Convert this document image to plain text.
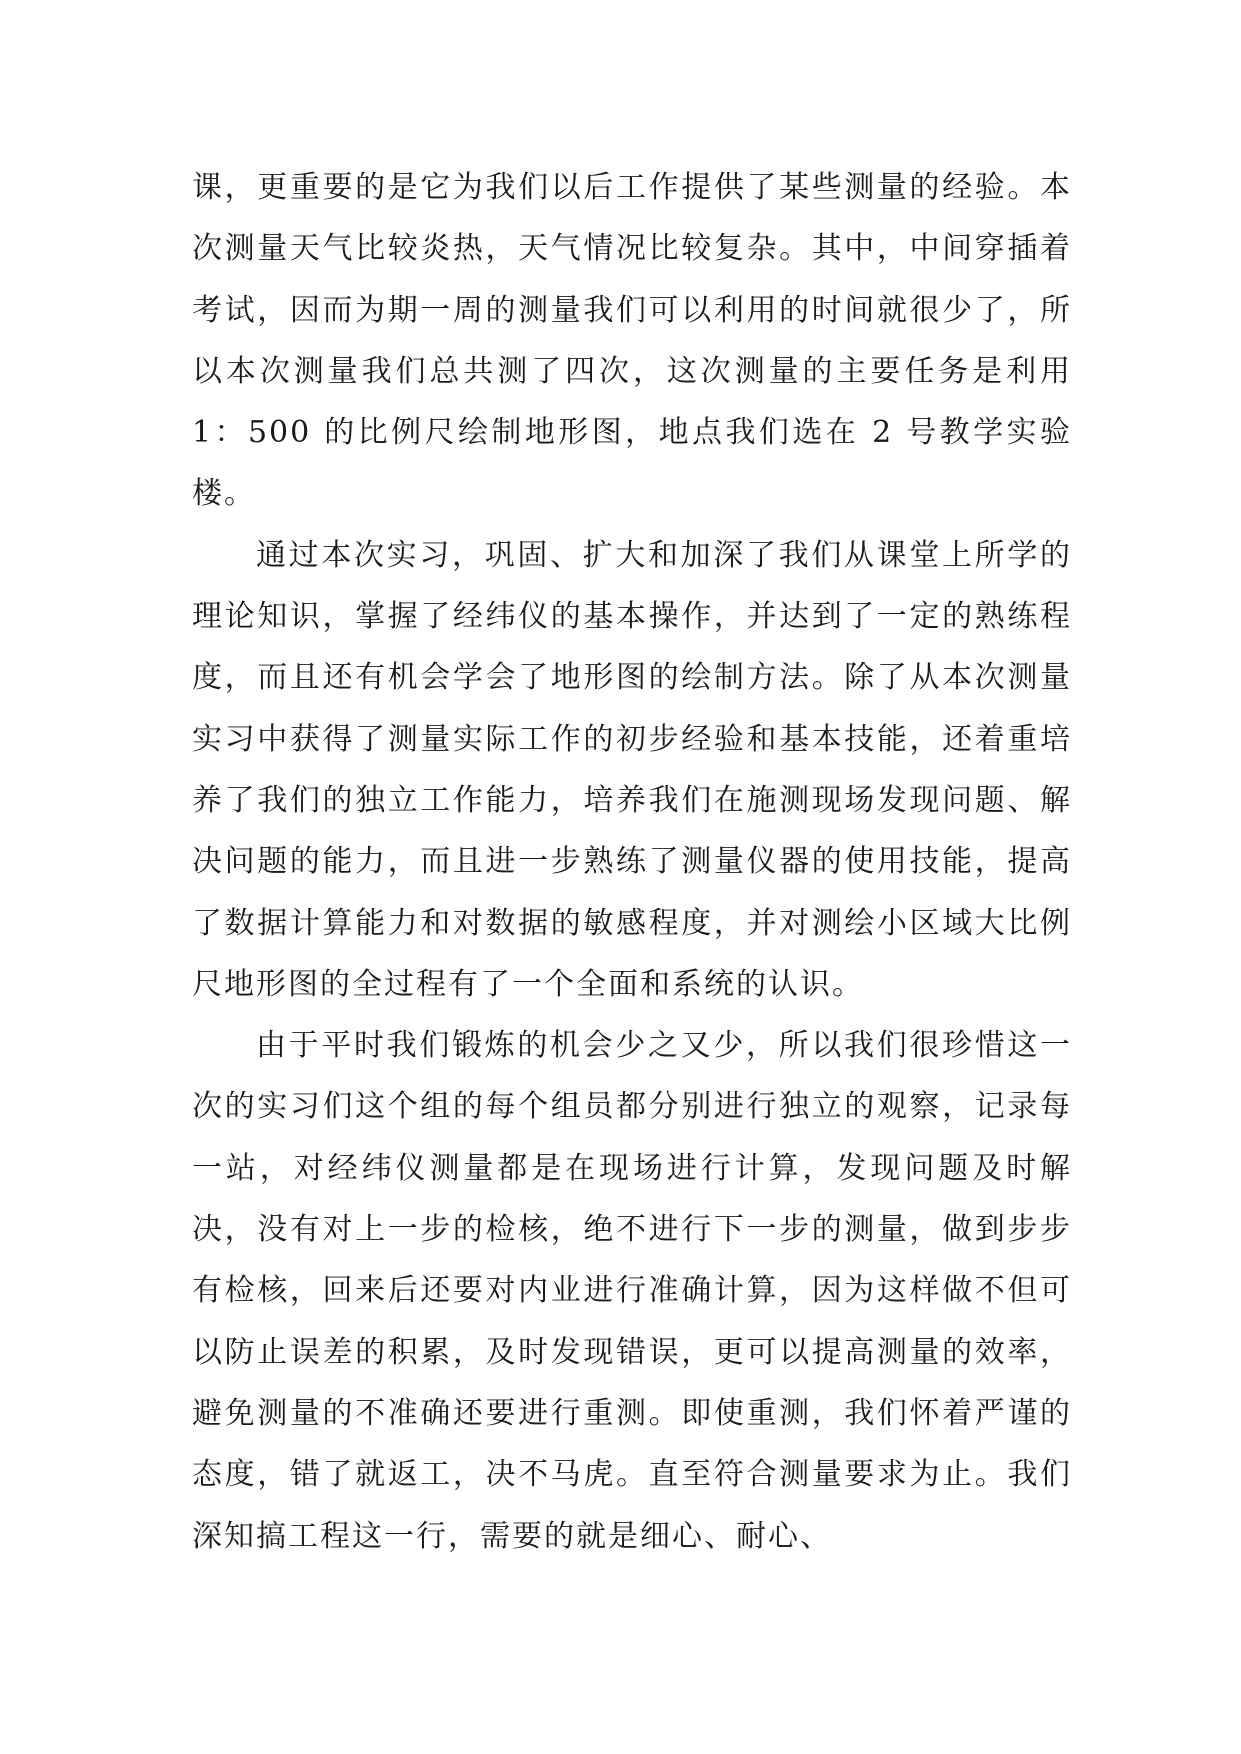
课，更重要的是它为我们以后工作提供了某些测量的经验。本次测量天气比较炎热，天气情况比较复杂。其中，中间穿插着考试，因而为期一周的测量我们可以利用的时间就很少了，所以本次测量我们总共测了四次，这次测量的主要任务是利用 1：500 的比例尺绘制地形图，地点我们选在 2 号教学实验楼。

通过本次实习，巩固、扩大和加深了我们从课堂上所学的理论知识，掌握了经纬仪的基本操作，并达到了一定的熟练程度，而且还有机会学会了地形图的绘制方法。除了从本次测量实习中获得了测量实际工作的初步经验和基本技能，还着重培养了我们的独立工作能力，培养我们在施测现场发现问题、解决问题的能力，而且进一步熟练了测量仪器的使用技能，提高了数据计算能力和对数据的敏感程度，并对测绘小区域大比例尺地形图的全过程有了一个全面和系统的认识。

由于平时我们锻炼的机会少之又少，所以我们很珍惜这一次的实习们这个组的每个组员都分别进行独立的观察，记录每一站，对经纬仪测量都是在现场进行计算，发现问题及时解决，没有对上一步的检核，绝不进行下一步的测量，做到步步有检核，回来后还要对内业进行准确计算，因为这样做不但可以防止误差的积累，及时发现错误，更可以提高测量的效率，避免测量的不准确还要进行重测。即使重测，我们怀着严谨的态度，错了就返工，决不马虎。直至符合测量要求为止。我们深知搞工程这一行，需要的就是细心、耐心、
